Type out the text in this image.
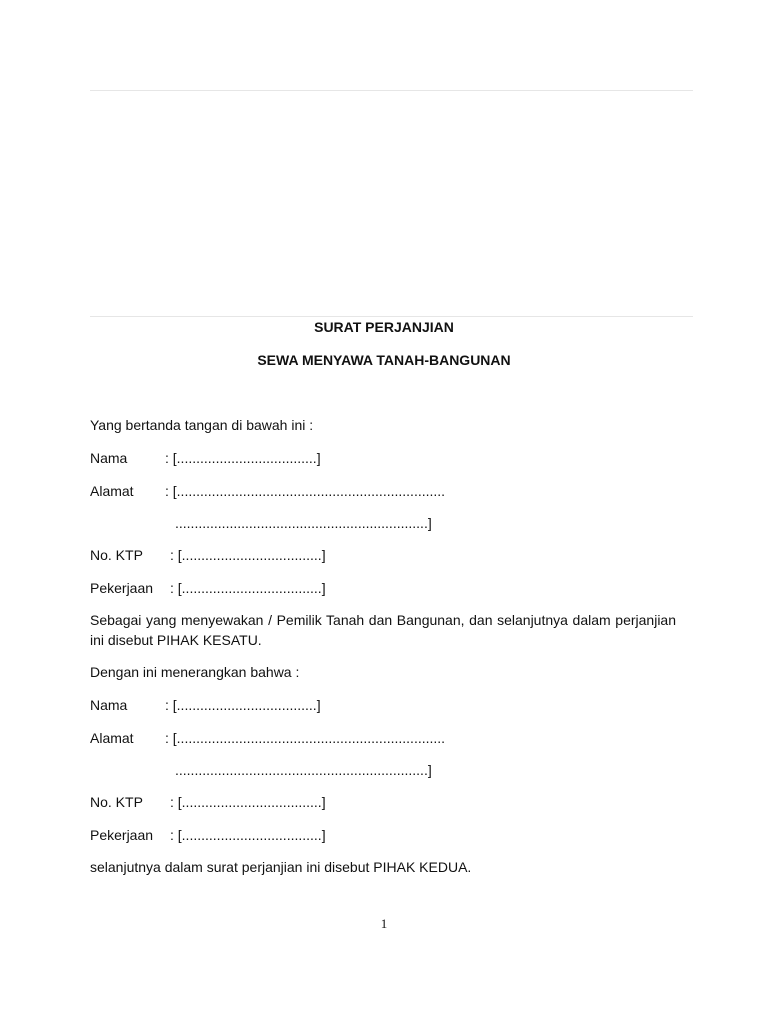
SURAT PERJANJIAN
SEWA MENYAWA TANAH-BANGUNAN
Yang bertanda tangan di bawah ini :
Nama	: [....................................]
Alamat : [.....................................................................
.................................................................]
No. KTP : [....................................]
Pekerjaan : [....................................]
Sebagai yang menyewakan / Pemilik Tanah dan Bangunan, dan selanjutnya dalam perjanjian ini disebut PIHAK KESATU.
Dengan ini menerangkan bahwa :
Nama	: [....................................]
Alamat : [.....................................................................
.................................................................]
No. KTP : [....................................]
Pekerjaan : [....................................]
selanjutnya dalam surat perjanjian ini disebut PIHAK KEDUA.
1
